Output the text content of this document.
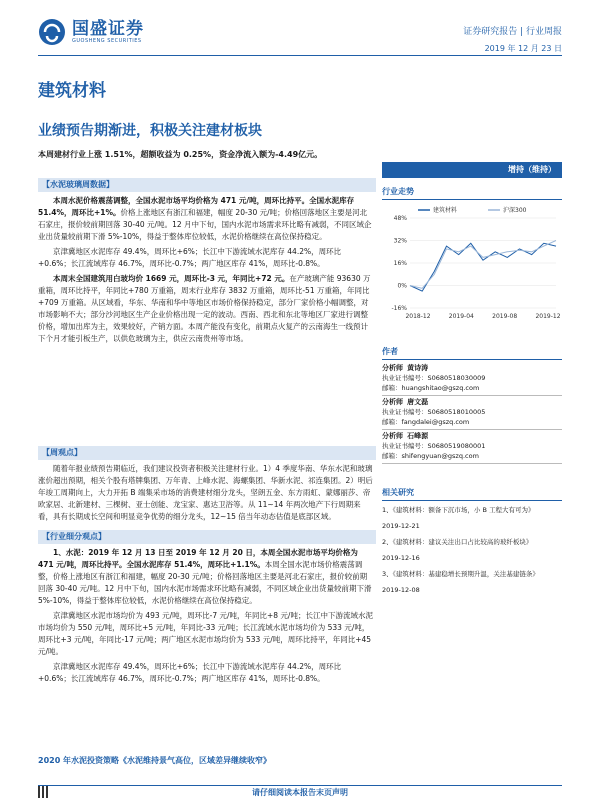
国盛证券
GUOSHENG SECURITIES
证券研究报告 | 行业周报
2019 年 12 月 23 日
建筑材料
业绩预告期渐进，积极关注建材板块
本周建材行业上涨 1.51%，超额收益为 0.25%，资金净流入额为-4.49亿元。
【水泥玻璃周数据】

本周水泥价格震荡调整，全国水泥市场平均价格为 471 元/吨，周环比持平。全国水泥库存 51.4%，周环比+1%。价格上涨地区有浙江和福建，幅度 20-30 元/吨；价格回落地区主要是河北石家庄，报价较前期回落 30-40 元/吨。12 月中下旬，国内水泥市场需求环比略有减弱，不同区域企业出货量较前期下滑 5%-10%，得益于整体库位较低，水泥价格继续在高位保持稳定。

京津冀地区水泥库存 49.4%，周环比+6%；长江中下游流域水泥库存 44.2%，周环比+0.6%；长江流域库存 46.7%，周环比-0.7%；两广地区库存 41%，周环比-0.8%。

本周末全国建筑用白玻均价 1669 元，周环比-3 元，年同比+72 元。在产玻璃产能 93630 万重箱，周环比持平，年同比+780 万重箱，周末行业库存 3832 万重箱，周环比-51 万重箱，年同比+709 万重箱。从区域看，华东、华南和华中等地区市场价格保持稳定，部分厂家价格小幅调整，对市场影响不大；部分沙河地区生产企业价格出现一定的波动。西南、西北和东北等地区厂家进行调整价格，增加出库为主，效果较好，产销方面。本周产能没有变化，前期点火复产的云南海生一线预计下个月才能引板生产，以供危玻璃为主，供应云南贵州等市场。

【周观点】

随着年报业绩预告期临近，我们建议投资者积极关注建材行业。1）4 季度华南、华东水泥和玻璃涨价超出预期，相关个股有塔牌集团、万年青、上峰水泥、海螺集团、华新水泥、祁连集团。2）明后年竣工周期向上，大力开拓 B 端集采市场的消费建材细分龙头，坚朗五金、东方雨虹、蒙娜丽莎、帝欧家居、北新建材、三棵树、亚士创能、龙宝家、惠达卫浴等。从 11~14 年两次地产下行周期来看，具有长期成长空间和明显竞争优势的细分龙头，12~15 倍当年动态估值是底部区域。

【行业细分观点】

1、水泥：2019 年 12 月 13 日至 2019 年 12 月 20 日，本周全国水泥市场平均价格为 471 元/吨，周环比持平。全国水泥库存 51.4%，周环比+1.1%。本周全国水泥市场价格震荡调整，价格上涨地区有浙江和福建，幅度 20-30 元/吨；价格回落地区主要是河北石家庄，报价较前期回落 30-40 元/吨。12 月中下旬，国内水泥市场需求环比略有减弱，不同区域企业出货量较前期下滑 5%-10%，得益于整体库位较低，水泥价格继续在高位保持稳定。

京津冀地区水泥市场均价为 493 元/吨，周环比-7 元/吨，年同比+8 元/吨；长江中下游流域水泥市场均价为 550 元/吨，周环比+5 元/吨，年同比-33 元/吨；长江流域水泥市场均价为 533 元/吨，周环比+3 元/吨，年同比-17 元/吨；两广地区水泥市场均价为 533 元/吨，周环比持平，年同比+45 元/吨。

京津冀地区水泥库存 49.4%，周环比+6%；长江中下游流域水泥库存 44.2%，周环比+0.6%；长江流域库存 46.7%，周环比-0.7%；两广地区库存 41%，周环比-0.8%。

2020 年水泥投资策略《水泥维持景气高位，区域差异继续收窄》
增持（维持）
行业走势
48%
32%
16%
0%
-16%
2018-12	2019-04	2019-08	2019-12
建筑材料	沪深300
作者
分析师 黄诗涛
执业证书编号：S0680518030009
邮箱：huangshitao@gszq.com
分析师 唐文磊
执业证书编号：S0680518010005
邮箱：fangdalei@gszq.com
分析师 石峰源
执业证书编号：S0680519080001
邮箱：shifengyuan@gszq.com
相关研究
1、《建筑材料：额备下沉市场，小 B 工程大有可为》
2019-12-21
2、《建筑材料：建议关注出口占比较高的玻纤板块》
2019-12-16
3、《建筑材料：基建稳增长预期升温，关注基建链条》
2019-12-08
请仔细阅读本报告末页声明
